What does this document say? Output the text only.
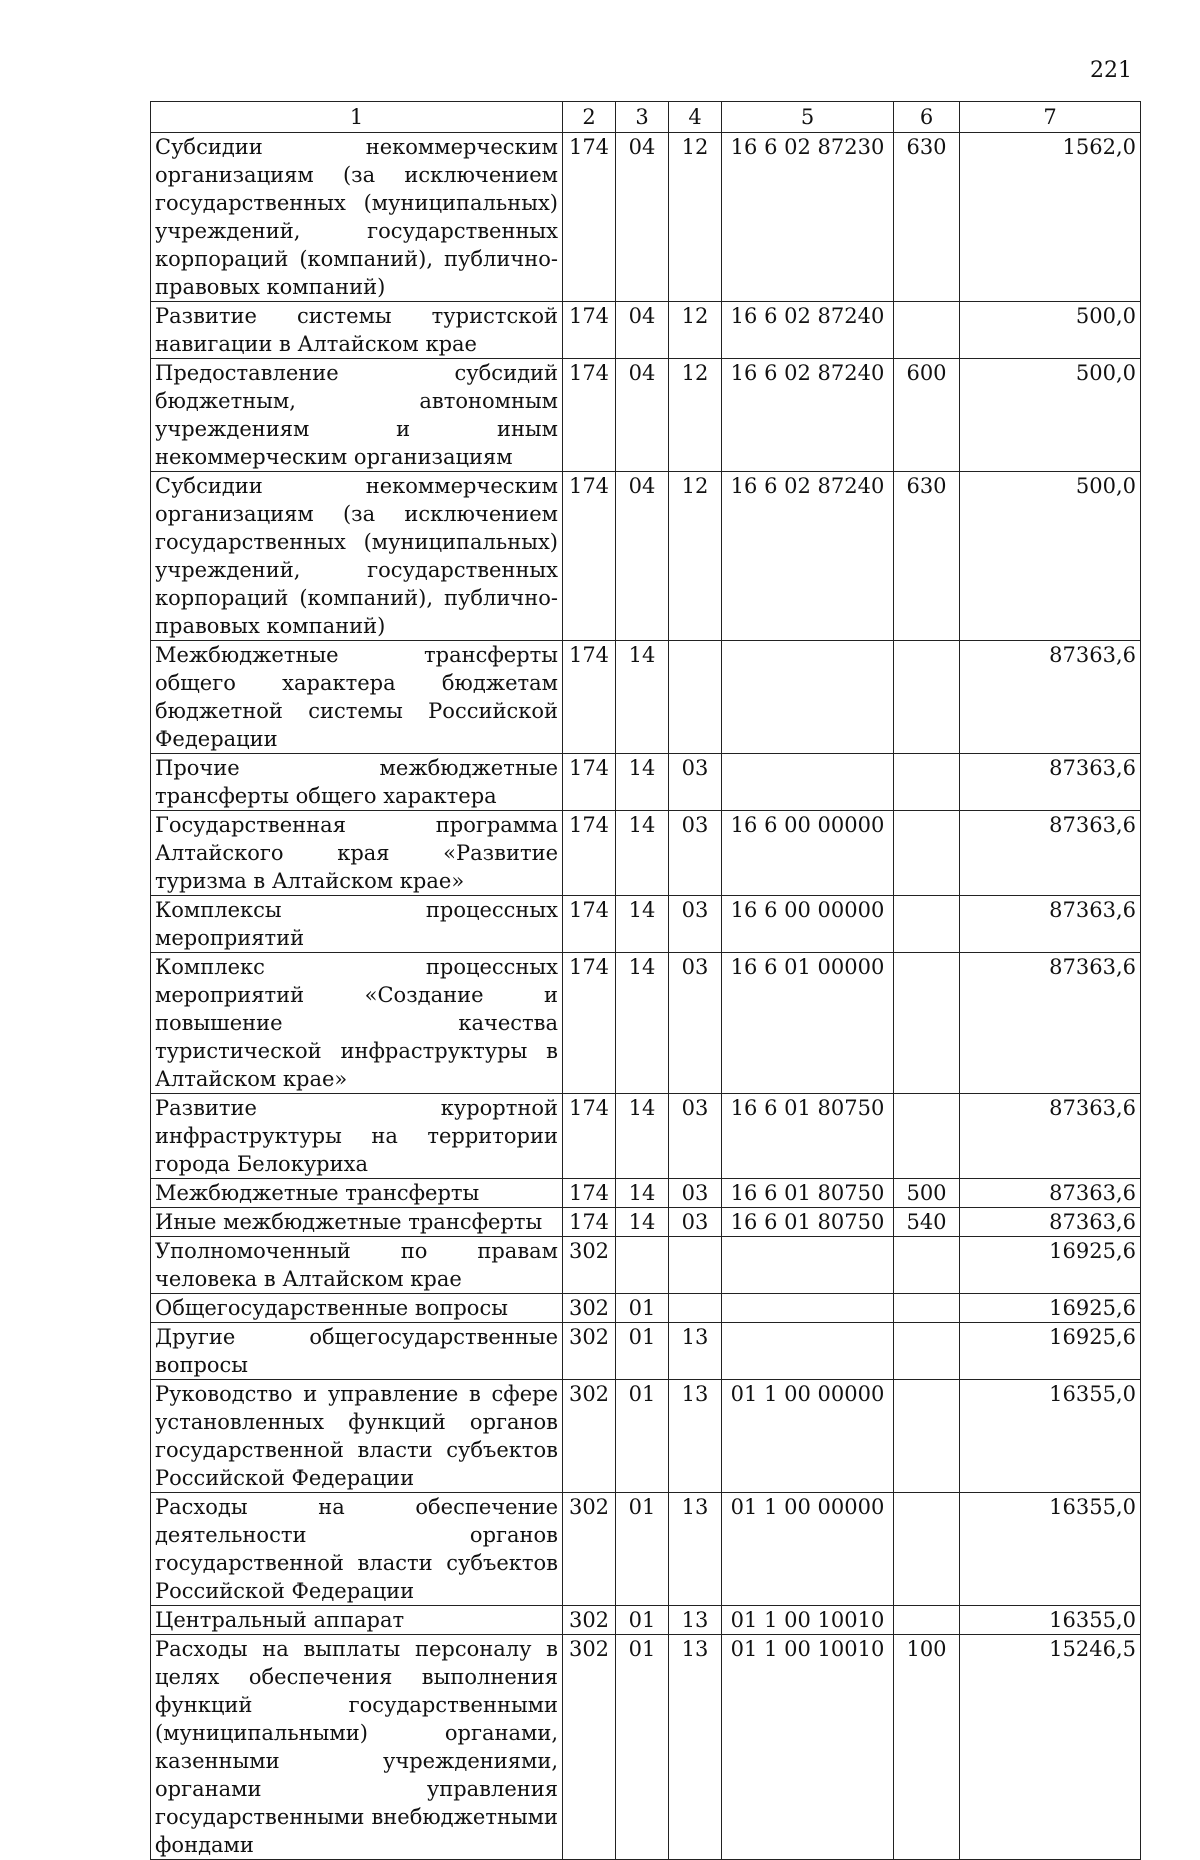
221
1	2	3	4	5	6	7
Субсидии некоммерческим организациям (за исключением государственных (муниципальных) учреждений, государственных корпораций (компаний), публично-правовых компаний)	174	04	12	16 6 02 87230	630	1562,0
Развитие системы туристской навигации в Алтайском крае	174	04	12	16 6 02 87240		500,0
Предоставление субсидий бюджетным, автономным учреждениям и иным некоммерческим организациям	174	04	12	16 6 02 87240	600	500,0
Субсидии некоммерческим организациям (за исключением государственных (муниципальных) учреждений, государственных корпораций (компаний), публично-правовых компаний)	174	04	12	16 6 02 87240	630	500,0
Межбюджетные трансферты общего характера бюджетам бюджетной системы Российской Федерации	174	14				87363,6
Прочие межбюджетные трансферты общего характера	174	14	03			87363,6
Государственная программа Алтайского края «Развитие туризма в Алтайском крае»	174	14	03	16 6 00 00000		87363,6
Комплексы процессных мероприятий	174	14	03	16 6 00 00000		87363,6
Комплекс процессных мероприятий «Создание и повышение качества туристической инфраструктуры в Алтайском крае»	174	14	03	16 6 01 00000		87363,6
Развитие курортной инфраструктуры на территории города Белокуриха	174	14	03	16 6 01 80750		87363,6
Межбюджетные трансферты	174	14	03	16 6 01 80750	500	87363,6
Иные межбюджетные трансферты	174	14	03	16 6 01 80750	540	87363,6
Уполномоченный по правам человека в Алтайском крае	302					16925,6
Общегосударственные вопросы	302	01				16925,6
Другие общегосударственные вопросы	302	01	13			16925,6
Руководство и управление в сфере установленных функций органов государственной власти субъектов Российской Федерации	302	01	13	01 1 00 00000		16355,0
Расходы на обеспечение деятельности органов государственной власти субъектов Российской Федерации	302	01	13	01 1 00 00000		16355,0
Центральный аппарат	302	01	13	01 1 00 10010		16355,0
Расходы на выплаты персоналу в целях обеспечения выполнения функций государственными (муниципальными) органами, казенными учреждениями, органами управления государственными внебюджетными фондами	302	01	13	01 1 00 10010	100	15246,5
